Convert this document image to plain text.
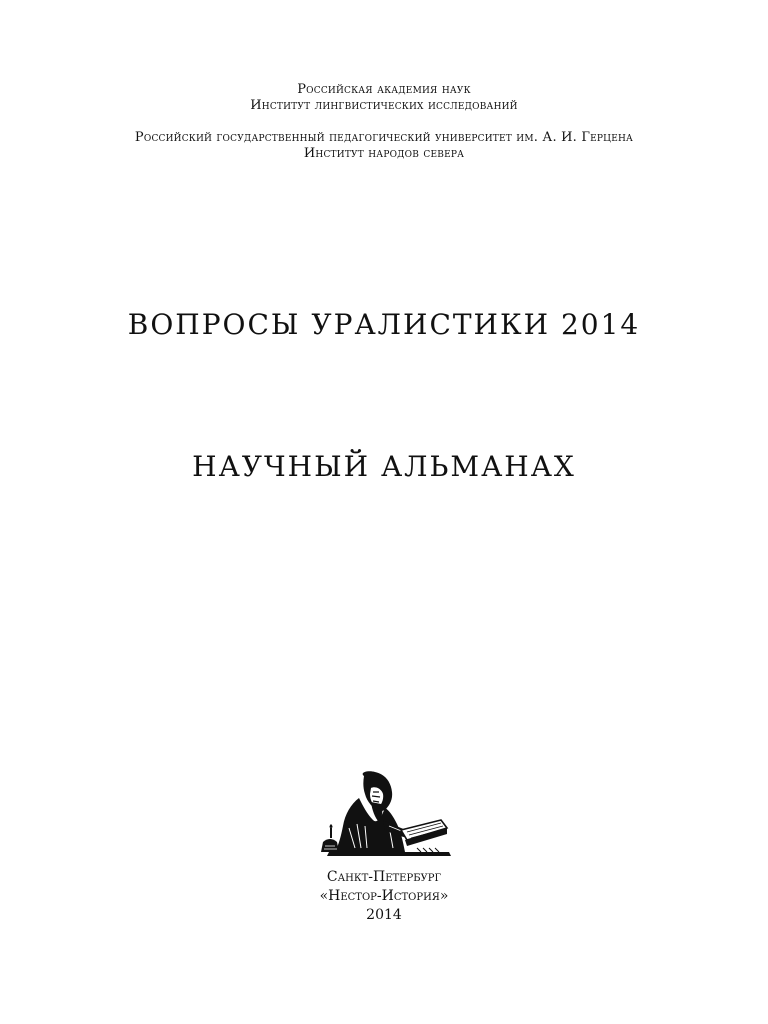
Российская академия наук
Институт лингвистических исследований
Российский государственный педагогический университет им. А. И. Герцена
Институт народов севера
ВОПРОСЫ УРАЛИСТИКИ 2014
НАУЧНЫЙ АЛЬМАНАХ
Санкт-Петербург
«Нестор-История»
2014
